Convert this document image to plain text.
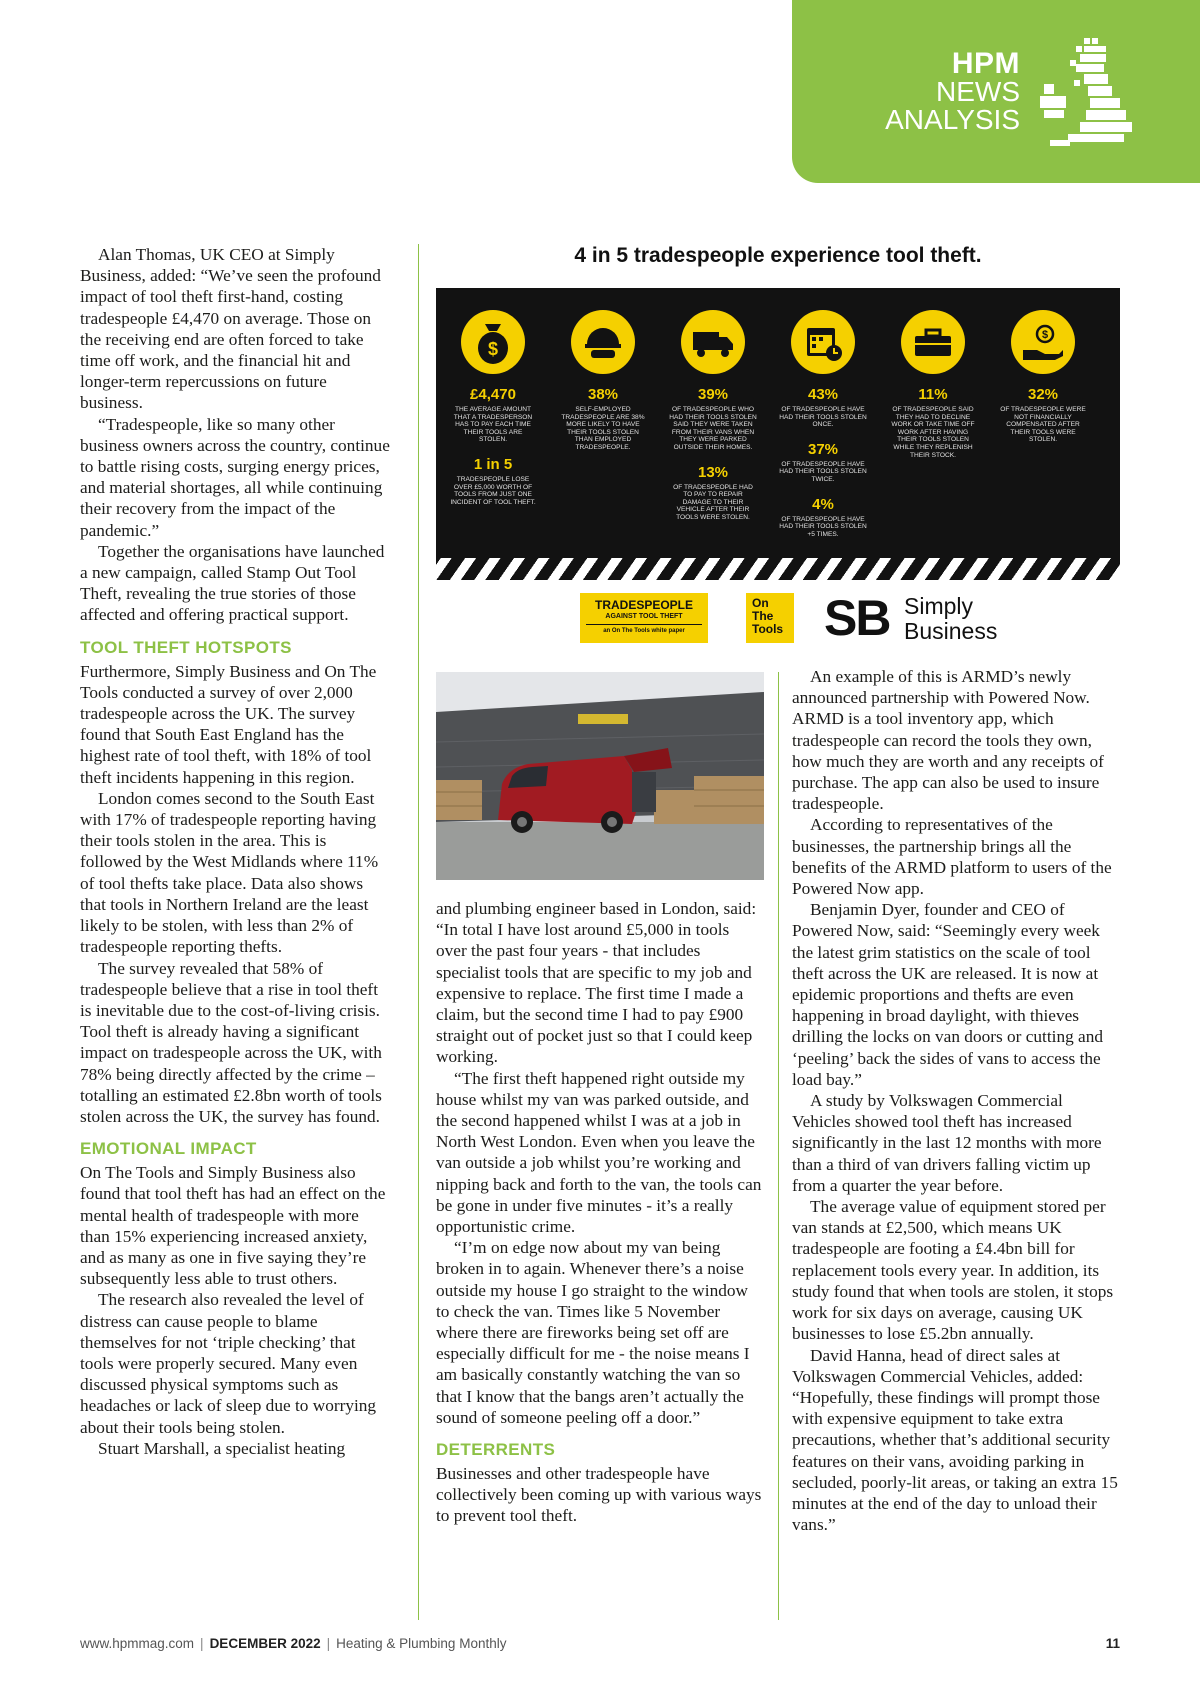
HPM
NEWS
ANALYSIS

Alan Thomas, UK CEO at Simply Business, added: “We’ve seen the profound impact of tool theft first-hand, costing tradespeople £4,470 on average. Those on the receiving end are often forced to take time off work, and the financial hit and longer-term repercussions on future business.

“Tradespeople, like so many other business owners across the country, continue to battle rising costs, surging energy prices, and material shortages, all while continuing their recovery from the impact of the pandemic.”

Together the organisations have launched a new campaign, called Stamp Out Tool Theft, revealing the true stories of those affected and offering practical support.

TOOL THEFT HOTSPOTS

Furthermore, Simply Business and On The Tools conducted a survey of over 2,000 tradespeople across the UK. The survey found that South East England has the highest rate of tool theft, with 18% of tool theft incidents happening in this region.

London comes second to the South East with 17% of tradespeople reporting having their tools stolen in the area. This is followed by the West Midlands where 11% of tool thefts take place. Data also shows that tools in Northern Ireland are the least likely to be stolen, with less than 2% of tradespeople reporting thefts.

The survey revealed that 58% of tradespeople believe that a rise in tool theft is inevitable due to the cost-of-living crisis. Tool theft is already having a significant impact on tradespeople across the UK, with 78% being directly affected by the crime – totalling an estimated £2.8bn worth of tools stolen across the UK, the survey has found.

EMOTIONAL IMPACT

On The Tools and Simply Business also found that tool theft has had an effect on the mental health of tradespeople with more than 15% experiencing increased anxiety, and as many as one in five saying they’re subsequently less able to trust others.

The research also revealed the level of distress can cause people to blame themselves for not ‘triple checking’ that tools were properly secured. Many even discussed physical symptoms such as headaches or lack of sleep due to worrying about their tools being stolen.

Stuart Marshall, a specialist heating

4 in 5 tradespeople experience tool theft.
$
£4,470
THE AVERAGE AMOUNT THAT A TRADESPERSON HAS TO PAY EACH TIME THEIR TOOLS ARE STOLEN.
1 in 5
TRADESPEOPLE LOSE OVER £5,000 WORTH OF TOOLS FROM JUST ONE INCIDENT OF TOOL THEFT.
38%
SELF-EMPLOYED TRADESPEOPLE ARE 38% MORE LIKELY TO HAVE THEIR TOOLS STOLEN THAN EMPLOYED TRADESPEOPLE.
39%
OF TRADESPEOPLE WHO HAD THEIR TOOLS STOLEN SAID THEY WERE TAKEN FROM THEIR VANS WHEN THEY WERE PARKED OUTSIDE THEIR HOMES.
13%
OF TRADESPEOPLE HAD TO PAY TO REPAIR DAMAGE TO THEIR VEHICLE AFTER THEIR TOOLS WERE STOLEN.
43%
OF TRADESPEOPLE HAVE HAD THEIR TOOLS STOLEN ONCE.
37%
OF TRADESPEOPLE HAVE HAD THEIR TOOLS STOLEN TWICE.
4%
OF TRADESPEOPLE HAVE HAD THEIR TOOLS STOLEN +5 TIMES.
11%
OF TRADESPEOPLE SAID THEY HAD TO DECLINE WORK OR TAKE TIME OFF WORK AFTER HAVING THEIR TOOLS STOLEN WHILE THEY REPLENISH THEIR STOCK.
$
32%
OF TRADESPEOPLE WERE NOT FINANCIALLY COMPENSATED AFTER THEIR TOOLS WERE STOLEN.
TRADESPEOPLE
AGAINST TOOL THEFT
an On The Tools white paper
On
The
Tools SB Simply
Business

and plumbing engineer based in London, said: “In total I have lost around £5,000 in tools over the past four years - that includes specialist tools that are specific to my job and expensive to replace. The first time I made a claim, but the second time I had to pay £900 straight out of pocket just so that I could keep working.

“The first theft happened right outside my house whilst my van was parked outside, and the second happened whilst I was at a job in North West London. Even when you leave the van outside a job whilst you’re working and nipping back and forth to the van, the tools can be gone in under five minutes - it’s a really opportunistic crime.

“I’m on edge now about my van being broken in to again. Whenever there’s a noise outside my house I go straight to the window to check the van. Times like 5 November where there are fireworks being set off are especially difficult for me - the noise means I am basically constantly watching the van so that I know that the bangs aren’t actually the sound of someone peeling off a door.”

DETERRENTS

Businesses and other tradespeople have collectively been coming up with various ways to prevent tool theft.

An example of this is ARMD’s newly announced partnership with Powered Now. ARMD is a tool inventory app, which tradespeople can record the tools they own, how much they are worth and any receipts of purchase. The app can also be used to insure tradespeople.

According to representatives of the businesses, the partnership brings all the benefits of the ARMD platform to users of the Powered Now app.

Benjamin Dyer, founder and CEO of Powered Now, said: “Seemingly every week the latest grim statistics on the scale of tool theft across the UK are released. It is now at epidemic proportions and thefts are even happening in broad daylight, with thieves drilling the locks on van doors or cutting and ‘peeling’ back the sides of vans to access the load bay.”

A study by Volkswagen Commercial Vehicles showed tool theft has increased significantly in the last 12 months with more than a third of van drivers falling victim up from a quarter the year before.

The average value of equipment stored per van stands at £2,500, which means UK tradespeople are footing a £4.4bn bill for replacement tools every year. In addition, its study found that when tools are stolen, it stops work for six days on average, causing UK businesses to lose £5.2bn annually.

David Hanna, head of direct sales at Volkswagen Commercial Vehicles, added: “Hopefully, these findings will prompt those with expensive equipment to take extra precautions, whether that’s additional security features on their vans, avoiding parking in secluded, poorly-lit areas, or taking an extra 15 minutes at the end of the day to unload their vans.”

www.hpmmag.com | DECEMBER 2022 | Heating & Plumbing Monthly	11
